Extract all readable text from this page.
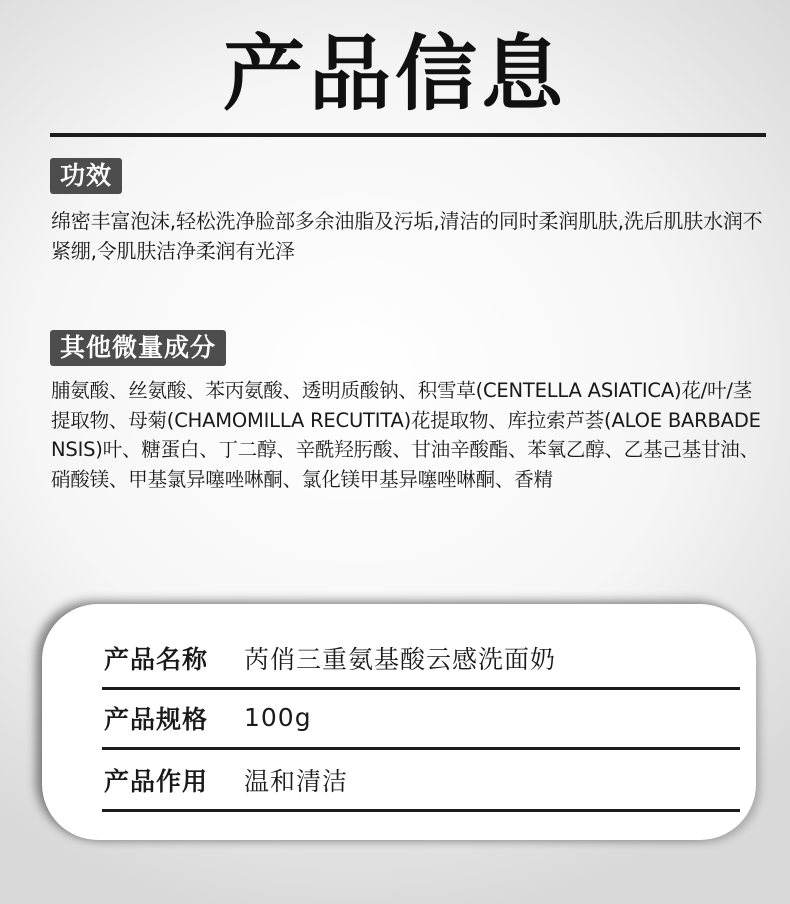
产品信息
功效

绵密丰富泡沫,轻松洗净脸部多余油脂及污垢,清洁的同时柔润肌肤,洗后肌肤水润不紧绷,令肌肤洁净柔润有光泽

其他微量成分

脯氨酸、丝氨酸、苯丙氨酸、透明质酸钠、积雪草(CENTELLA ASIATICA)花/叶/茎提取物、母菊(CHAMOMILLA RECUTITA)花提取物、库拉索芦荟(ALOE BARBADENSIS)叶、糖蛋白、丁二醇、辛酰羟肟酸、甘油辛酸酯、苯氧乙醇、乙基己基甘油、硝酸镁、甲基氯异噻唑啉酮、氯化镁甲基异噻唑啉酮、香精

产品名称	芮俏三重氨基酸云感洗面奶
产品规格	100g
产品作用	温和清洁
